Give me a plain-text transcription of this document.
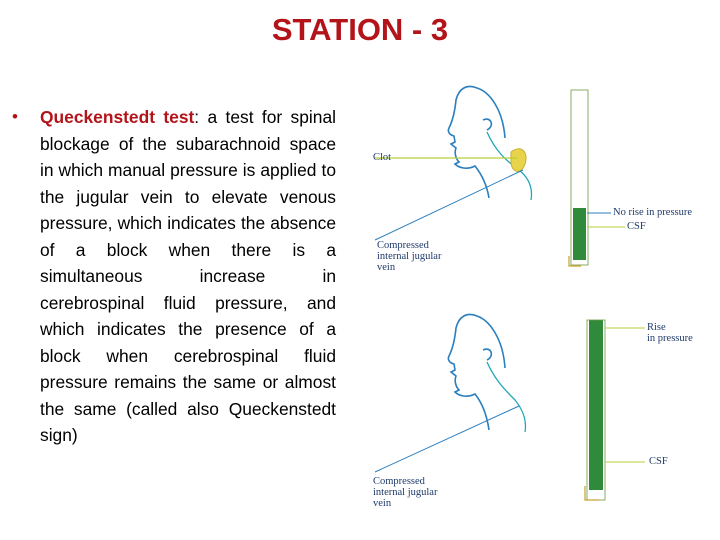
STATION - 3
•	Queckenstedt test: a test for spinal blockage of the subarachnoid space in which manual pressure is applied to the jugular vein to elevate venous pressure, which indicates the absence of a block when there is a simultaneous increase in cerebrospinal fluid pressure, and which indicates the presence of a block when cerebrospinal fluid pressure remains the same or almost the same (called also Queckenstedt sign)
Clot
No rise in pressure
CSF
Compressed
internal jugular
vein
Rise
in pressure
CSF
Compressed
internal jugular
vein
